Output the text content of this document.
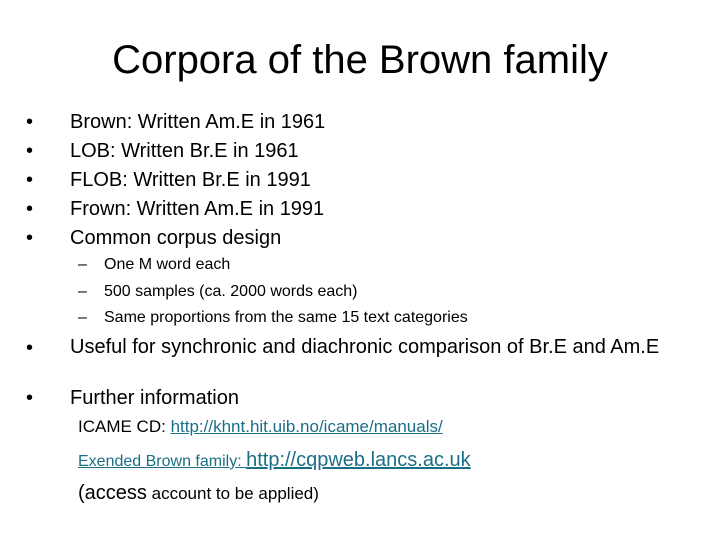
Corpora of the Brown family
•	Brown: Written Am.E in 1961
•	LOB: Written Br.E in 1961
•	FLOB: Written Br.E in 1991
•	Frown: Written Am.E in 1991
•	Common corpus design
– One M word each
– 500 samples (ca. 2000 words each)
– Same proportions from the same 15 text categories
•	Useful for synchronic and diachronic comparison of Br.E and Am.E
•	Further information
ICAME CD: http://khnt.hit.uib.no/icame/manuals/
Exended Brown family: http://cqpweb.lancs.ac.uk
(access account to be applied)
